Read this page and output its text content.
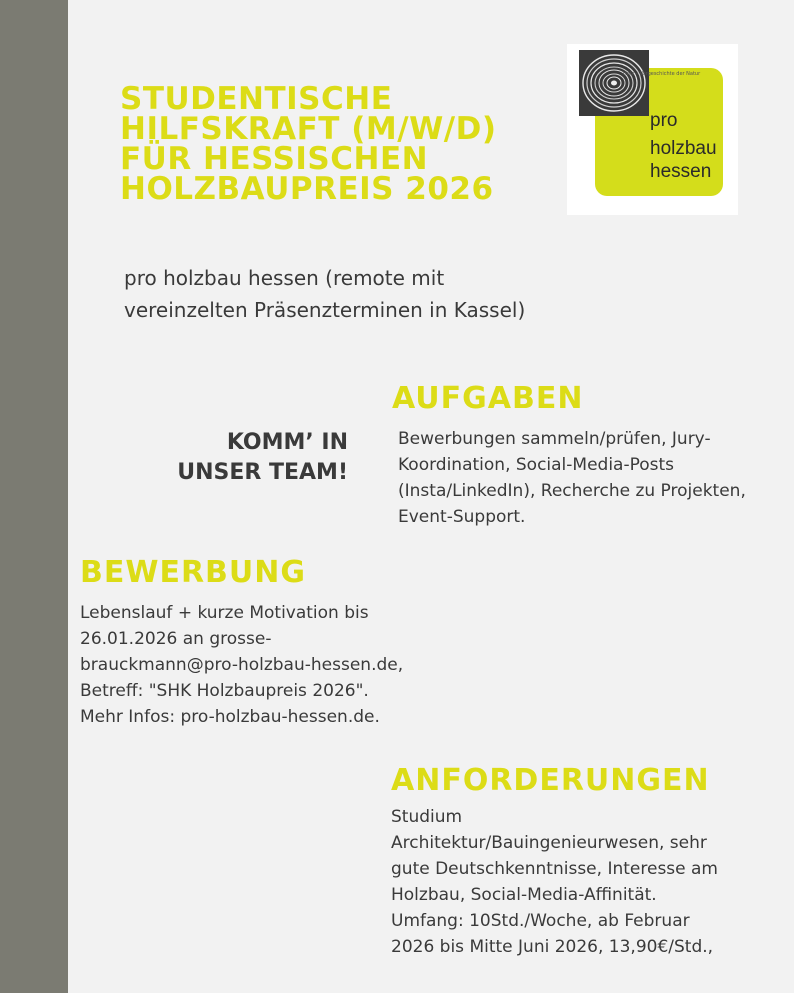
STUDENTISCHE HILFSKRAFT (M/W/D) FÜR HESSISCHEN HOLZBAUPREIS 2026

pro holzbau hessen (remote mit vereinzelten Präsenzterminen in Kassel)

Holz – Vorgeschichte der Natur
pro
holzbau
hessen

KOMM’ IN
UNSER TEAM!

AUFGABEN

Bewerbungen sammeln/prüfen, Jury-Koordination, Social-Media-Posts (Insta/LinkedIn), Recherche zu Projekten, Event-Support.

BEWERBUNG

Lebenslauf + kurze Motivation bis
26.01.2026 an grosse-
brauckmann@pro-holzbau-hessen.de,
Betreff: "SHK Holzbaupreis 2026".
Mehr Infos: pro-holzbau-hessen.de.

ANFORDERUNGEN

Studium
Architektur/Bauingenieurwesen, sehr
gute Deutschkenntnisse, Interesse am
Holzbau, Social-Media-Affinität.
Umfang: 10Std./Woche, ab Februar
2026 bis Mitte Juni 2026, 13,90€/Std.,
